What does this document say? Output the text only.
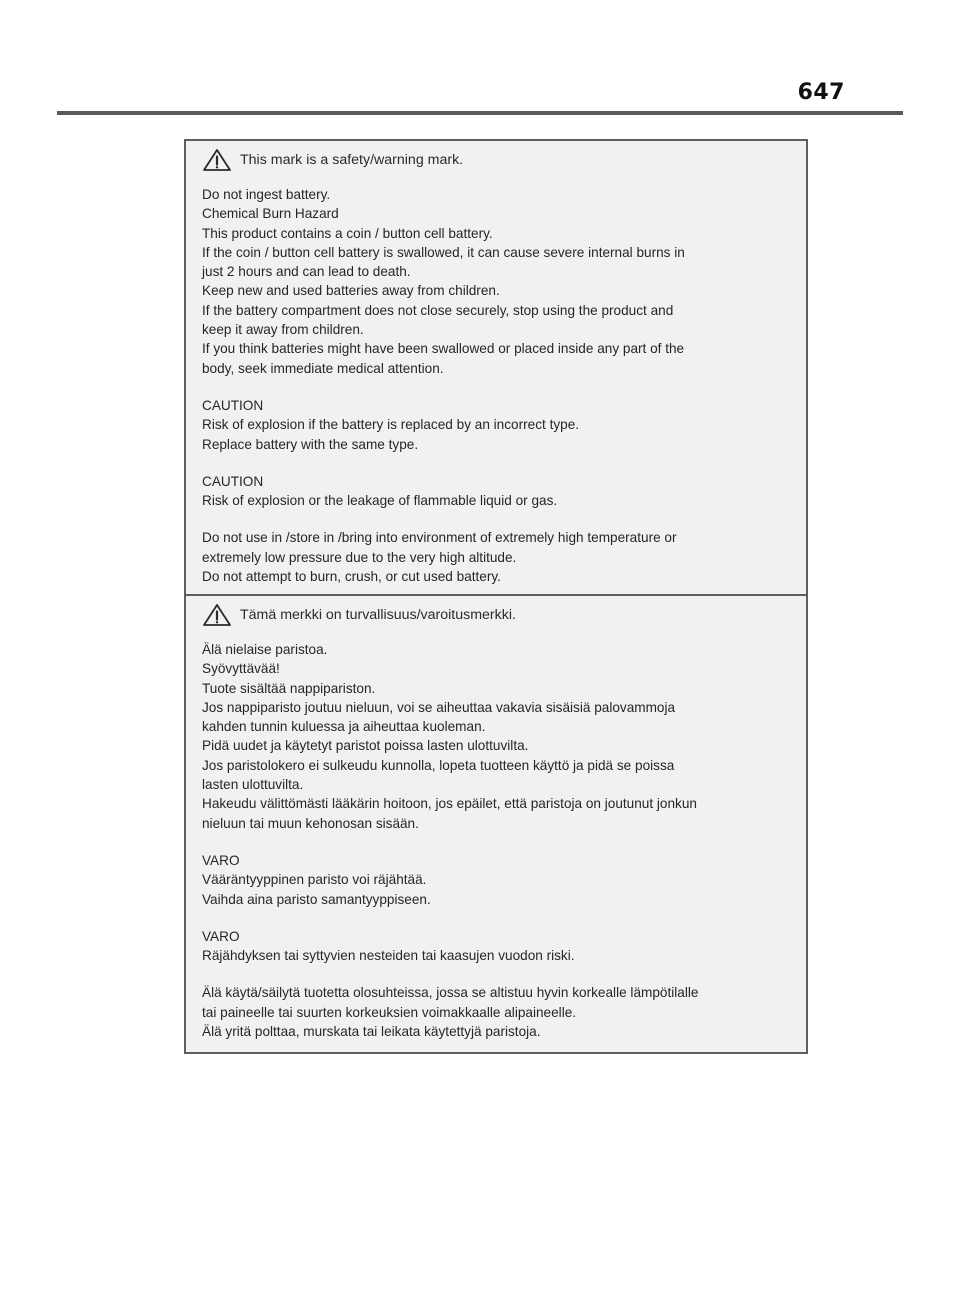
647
This mark is a safety/warning mark.
Do not ingest battery.
Chemical Burn Hazard
This product contains a coin / button cell battery.
If the coin / button cell battery is swallowed, it can cause severe internal burns in
just 2 hours and can lead to death.
Keep new and used batteries away from children.
If the battery compartment does not close securely, stop using the product and
keep it away from children.
If you think batteries might have been swallowed or placed inside any part of the
body, seek immediate medical attention.
CAUTION
Risk of explosion if the battery is replaced by an incorrect type.
Replace battery with the same type.
CAUTION
Risk of explosion or the leakage of flammable liquid or gas.
Do not use in /store in /bring into environment of extremely high temperature or
extremely low pressure due to the very high altitude.
Do not attempt to burn, crush, or cut used battery.
Tämä merkki on turvallisuus/varoitusmerkki.
Älä nielaise paristoa.
Syövyttävää!
Tuote sisältää nappipariston.
Jos nappiparisto joutuu nieluun, voi se aiheuttaa vakavia sisäisiä palovammoja
kahden tunnin kuluessa ja aiheuttaa kuoleman.
Pidä uudet ja käytetyt paristot poissa lasten ulottuvilta.
Jos paristolokero ei sulkeudu kunnolla, lopeta tuotteen käyttö ja pidä se poissa
lasten ulottuvilta.
Hakeudu välittömästi lääkärin hoitoon, jos epäilet, että paristoja on joutunut jonkun
nieluun tai muun kehonosan sisään.
VARO
Vääräntyyppinen paristo voi räjähtää.
Vaihda aina paristo samantyyppiseen.
VARO
Räjähdyksen tai syttyvien nesteiden tai kaasujen vuodon riski.
Älä käytä/säilytä tuotetta olosuhteissa, jossa se altistuu hyvin korkealle lämpötilalle
tai paineelle tai suurten korkeuksien voimakkaalle alipaineelle.
Älä yritä polttaa, murskata tai leikata käytettyjä paristoja.
